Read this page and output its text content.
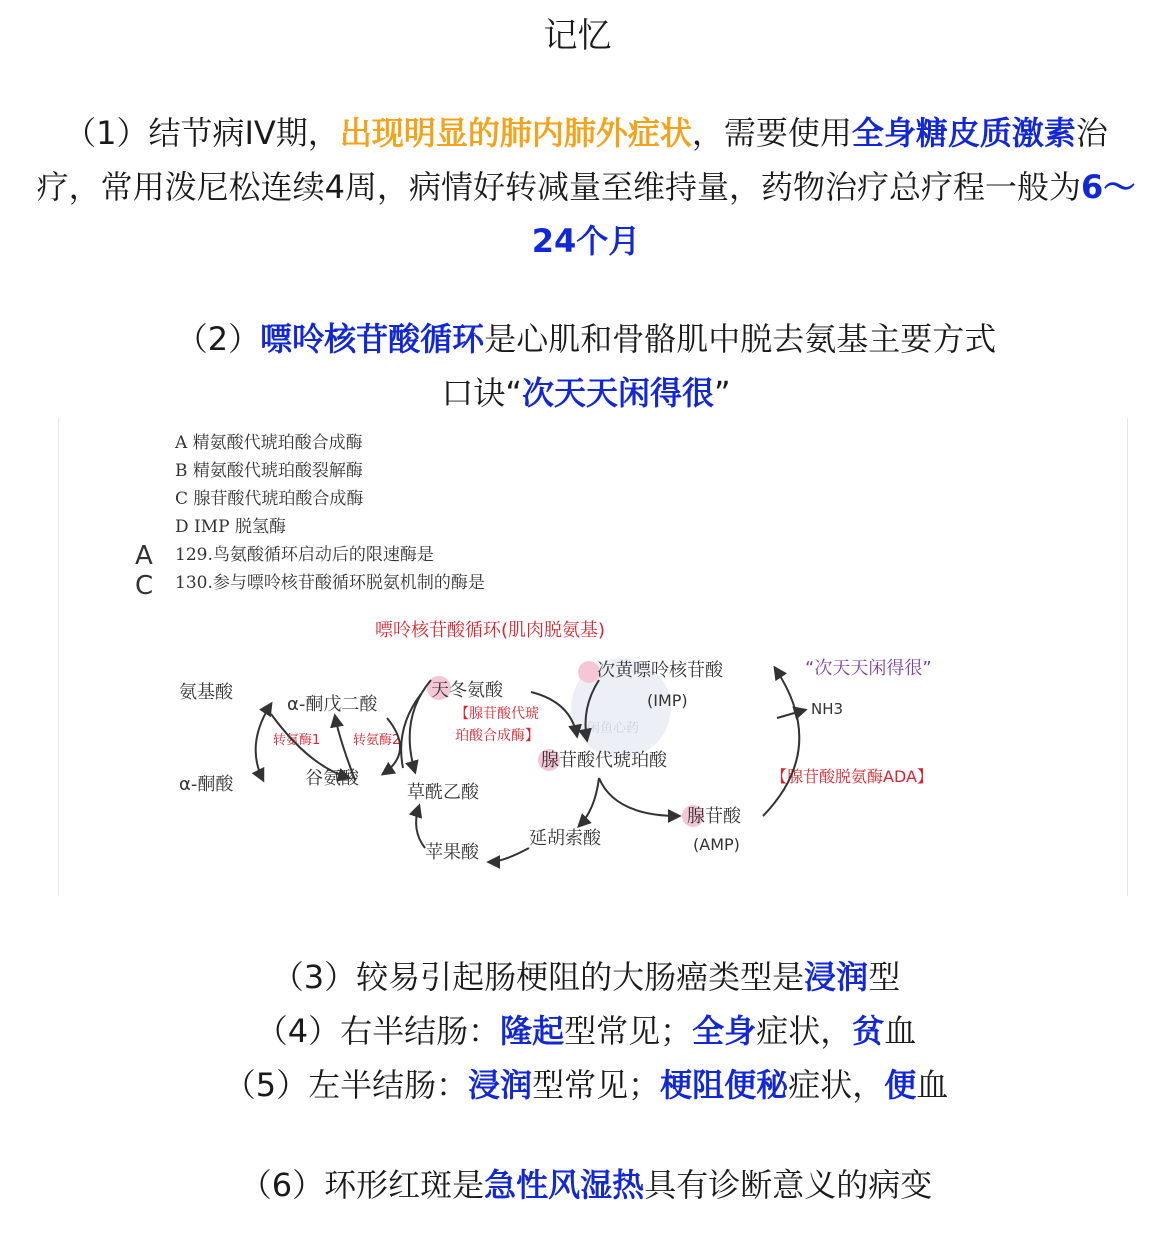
记忆
（1）结节病IV期，出现明显的肺内肺外症状，需要使用全身糖皮质激素治疗，常用泼尼松连续4周，病情好转减量至维持量，药物治疗总疗程一般为6～24个月
（2）嘌呤核苷酸循环是心肌和骨骼肌中脱去氨基主要方式
口诀“次天天闲得很”
A 精氨酸代琥珀酸合成酶
B 精氨酸代琥珀酸裂解酶
C 腺苷酸代琥珀酸合成酶
D IMP 脱氢酶
A 129.鸟氨酸循环启动后的限速酶是
C 130.参与嘌呤核苷酸循环脱氨机制的酶是
嘌呤核苷酸循环(肌肉脱氨基)
“次天天闲得很”
闲鱼心药
氨基酸
α-酮酸
α-酮戊二酸
谷氨酸
天冬氨酸
草酰乙酸
苹果酸
延胡索酸
腺苷酸代琥珀酸
次黄嘌呤核苷酸
(IMP)
腺苷酸
(AMP)
NH3
转氨酶1	转氨酶2
【腺苷酸代琥
珀酸合成酶】
【腺苷酸脱氨酶ADA】
（3）较易引起肠梗阻的大肠癌类型是浸润型
（4）右半结肠：隆起型常见；全身症状，贫血
（5）左半结肠：浸润型常见；梗阻便秘症状，便血
（6）环形红斑是急性风湿热具有诊断意义的病变
